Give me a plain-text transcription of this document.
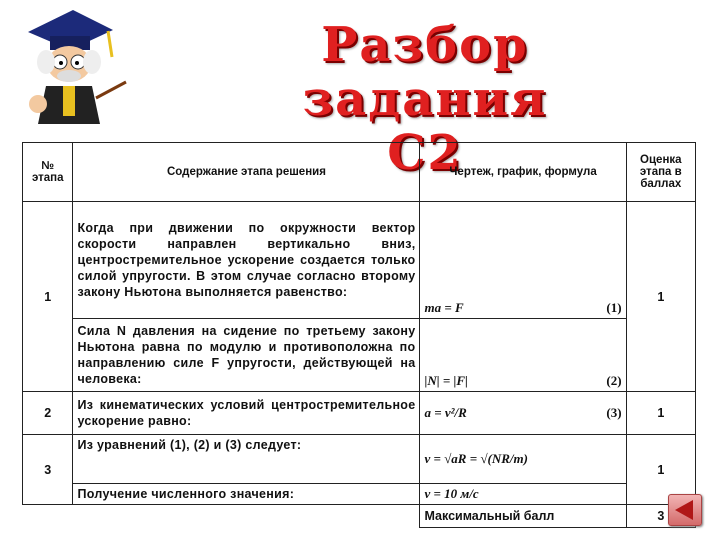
Разбор задания
С2
№ этапа	Содержание этапа решения	Чертеж, график, формула	Оценка этапа в баллах
1	Когда при движении по окружности вектор скорости направлен вертикально вниз, центростремительное ускорение создается только силой упругости. В этом случае согласно второму закону Ньютона выполняется равенство:	ma = F (1)	1
	Сила N давления на сидение по третьему закону Ньютона равна по модулю и противоположна по направлению силе F упругости, действующей на человека:	|N| = |F| (2)	

2	Из кинематических условий центростремительное ускорение равно:	a = v²/R (3)	1
3	Из уравнений (1), (2) и (3) следует:	v = √aR = √(NR/m)	1
	Получение численного значения:	v = 10 м/с	

		Максимальный балл	3
